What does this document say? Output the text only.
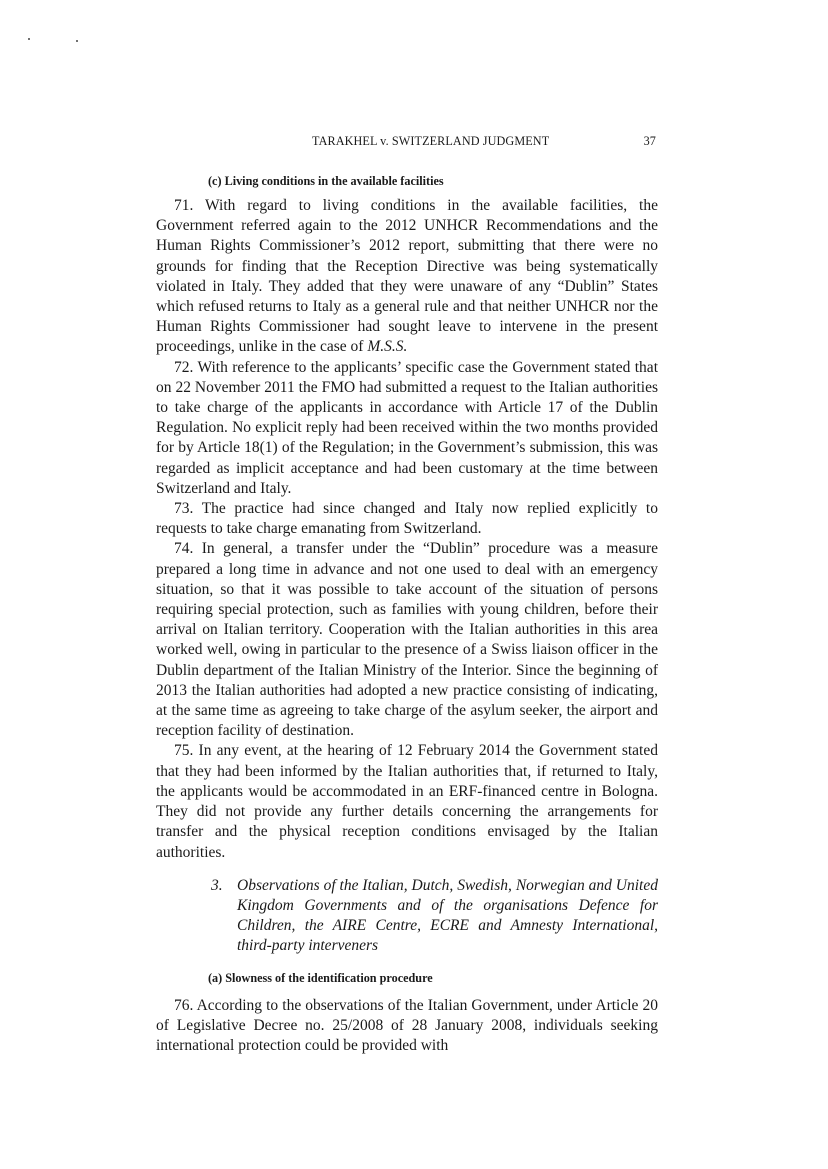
TARAKHEL v. SWITZERLAND JUDGMENT	37
(c) Living conditions in the available facilities

71. With regard to living conditions in the available facilities, the Government referred again to the 2012 UNHCR Recommendations and the Human Rights Commissioner’s 2012 report, submitting that there were no grounds for finding that the Reception Directive was being systematically violated in Italy. They added that they were unaware of any “Dublin” States which refused returns to Italy as a general rule and that neither UNHCR nor the Human Rights Commissioner had sought leave to intervene in the present proceedings, unlike in the case of M.S.S.

72. With reference to the applicants’ specific case the Government stated that on 22 November 2011 the FMO had submitted a request to the Italian authorities to take charge of the applicants in accordance with Article 17 of the Dublin Regulation. No explicit reply had been received within the two months provided for by Article 18(1) of the Regulation; in the Government’s submission, this was regarded as implicit acceptance and had been customary at the time between Switzerland and Italy.

73. The practice had since changed and Italy now replied explicitly to requests to take charge emanating from Switzerland.

74. In general, a transfer under the “Dublin” procedure was a measure prepared a long time in advance and not one used to deal with an emergency situation, so that it was possible to take account of the situation of persons requiring special protection, such as families with young children, before their arrival on Italian territory. Cooperation with the Italian authorities in this area worked well, owing in particular to the presence of a Swiss liaison officer in the Dublin department of the Italian Ministry of the Interior. Since the beginning of 2013 the Italian authorities had adopted a new practice consisting of indicating, at the same time as agreeing to take charge of the asylum seeker, the airport and reception facility of destination.

75. In any event, at the hearing of 12 February 2014 the Government stated that they had been informed by the Italian authorities that, if returned to Italy, the applicants would be accommodated in an ERF-financed centre in Bologna. They did not provide any further details concerning the arrangements for transfer and the physical reception conditions envisaged by the Italian authorities.

3. Observations of the Italian, Dutch, Swedish, Norwegian and United Kingdom Governments and of the organisations Defence for Children, the AIRE Centre, ECRE and Amnesty International, third-party interveners
(a) Slowness of the identification procedure

76. According to the observations of the Italian Government, under Article 20 of Legislative Decree no. 25/2008 of 28 January 2008, individuals seeking international protection could be provided with
